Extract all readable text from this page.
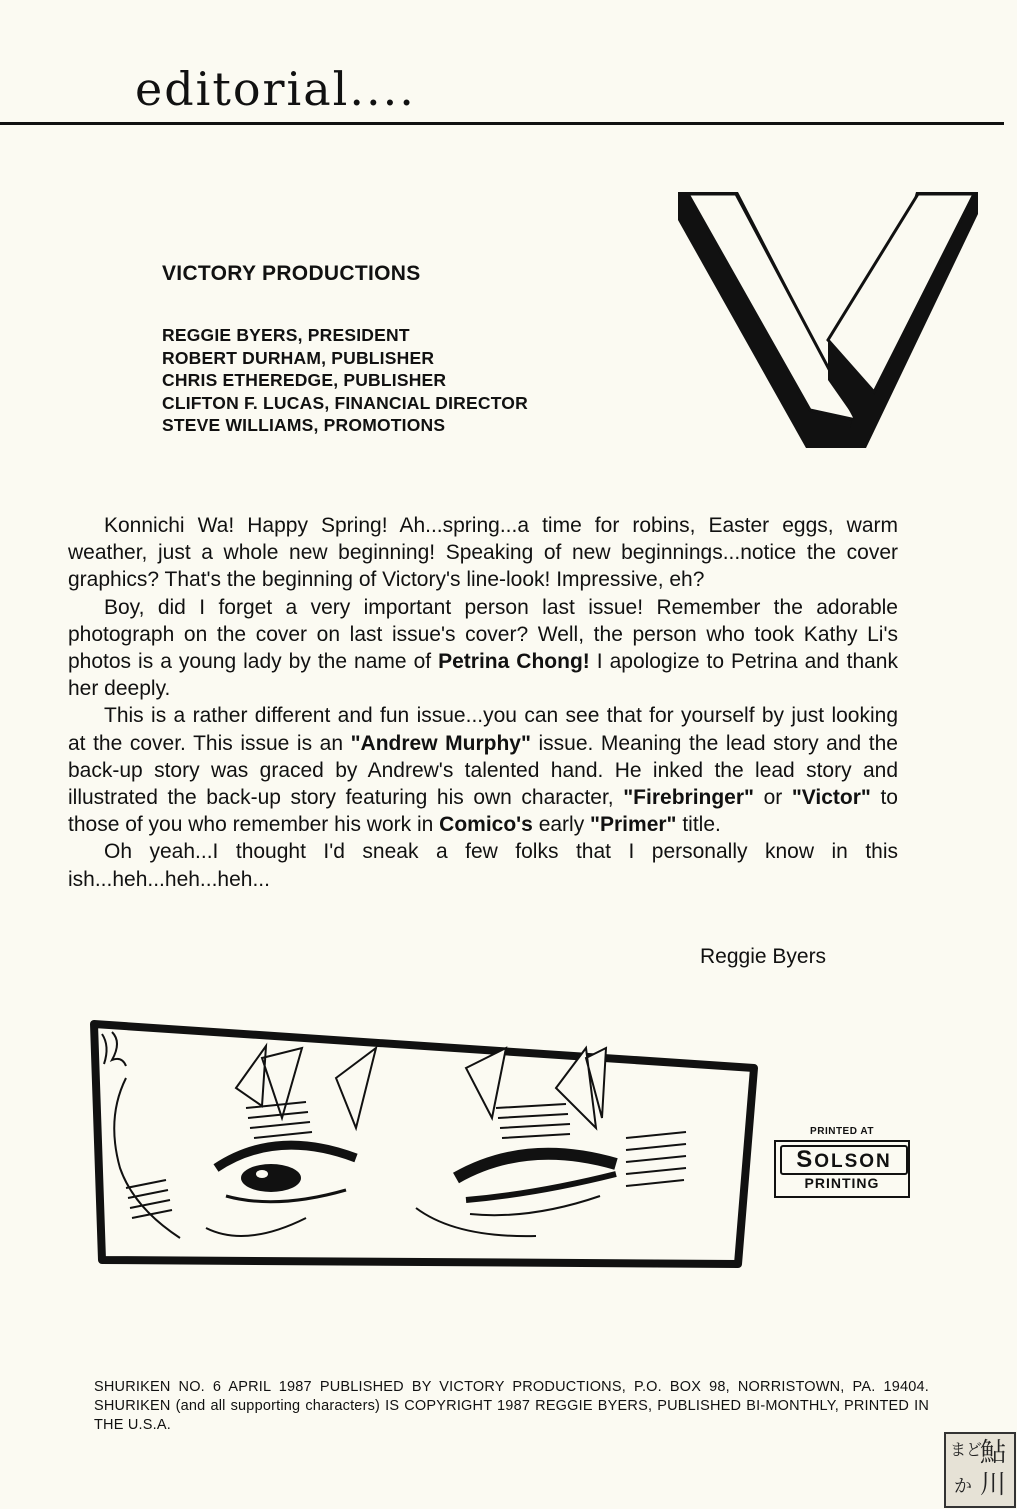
editorial....
VICTORY PRODUCTIONS
REGGIE BYERS, PRESIDENT
ROBERT DURHAM, PUBLISHER
CHRIS ETHEREDGE, PUBLISHER
CLIFTON F. LUCAS, FINANCIAL DIRECTOR
STEVE WILLIAMS, PROMOTIONS

Konnichi Wa! Happy Spring! Ah...spring...a time for robins, Easter eggs, warm weather, just a whole new beginning! Speaking of new beginnings...notice the cover graphics? That's the beginning of Victory's line-look! Impressive, eh?

Boy, did I forget a very important person last issue! Remember the adorable photograph on the cover on last issue's cover? Well, the person who took Kathy Li's photos is a young lady by the name of Petrina Chong! I apologize to Petrina and thank her deeply.

This is a rather different and fun issue...you can see that for yourself by just looking at the cover. This issue is an "Andrew Murphy" issue. Meaning the lead story and the back-up story was graced by Andrew's talented hand. He inked the lead story and illustrated the back-up story featuring his own character, "Firebringer" or "Victor" to those of you who remember his work in Comico's early "Primer" title.

Oh yeah...I thought I'd sneak a few folks that I personally know in this ish...heh...heh...heh...

Reggie Byers
PRINTED AT
SOLSON
PRINTING

SHURIKEN NO. 6 APRIL 1987 PUBLISHED BY VICTORY PRODUCTIONS, P.O. BOX 98, NORRISTOWN, PA. 19404. SHURIKEN (and all supporting characters) IS COPYRIGHT 1987 REGGIE BYERS, PUBLISHED BI-MONTHLY, PRINTED IN THE U.S.A.

鮎
川
まど
か
